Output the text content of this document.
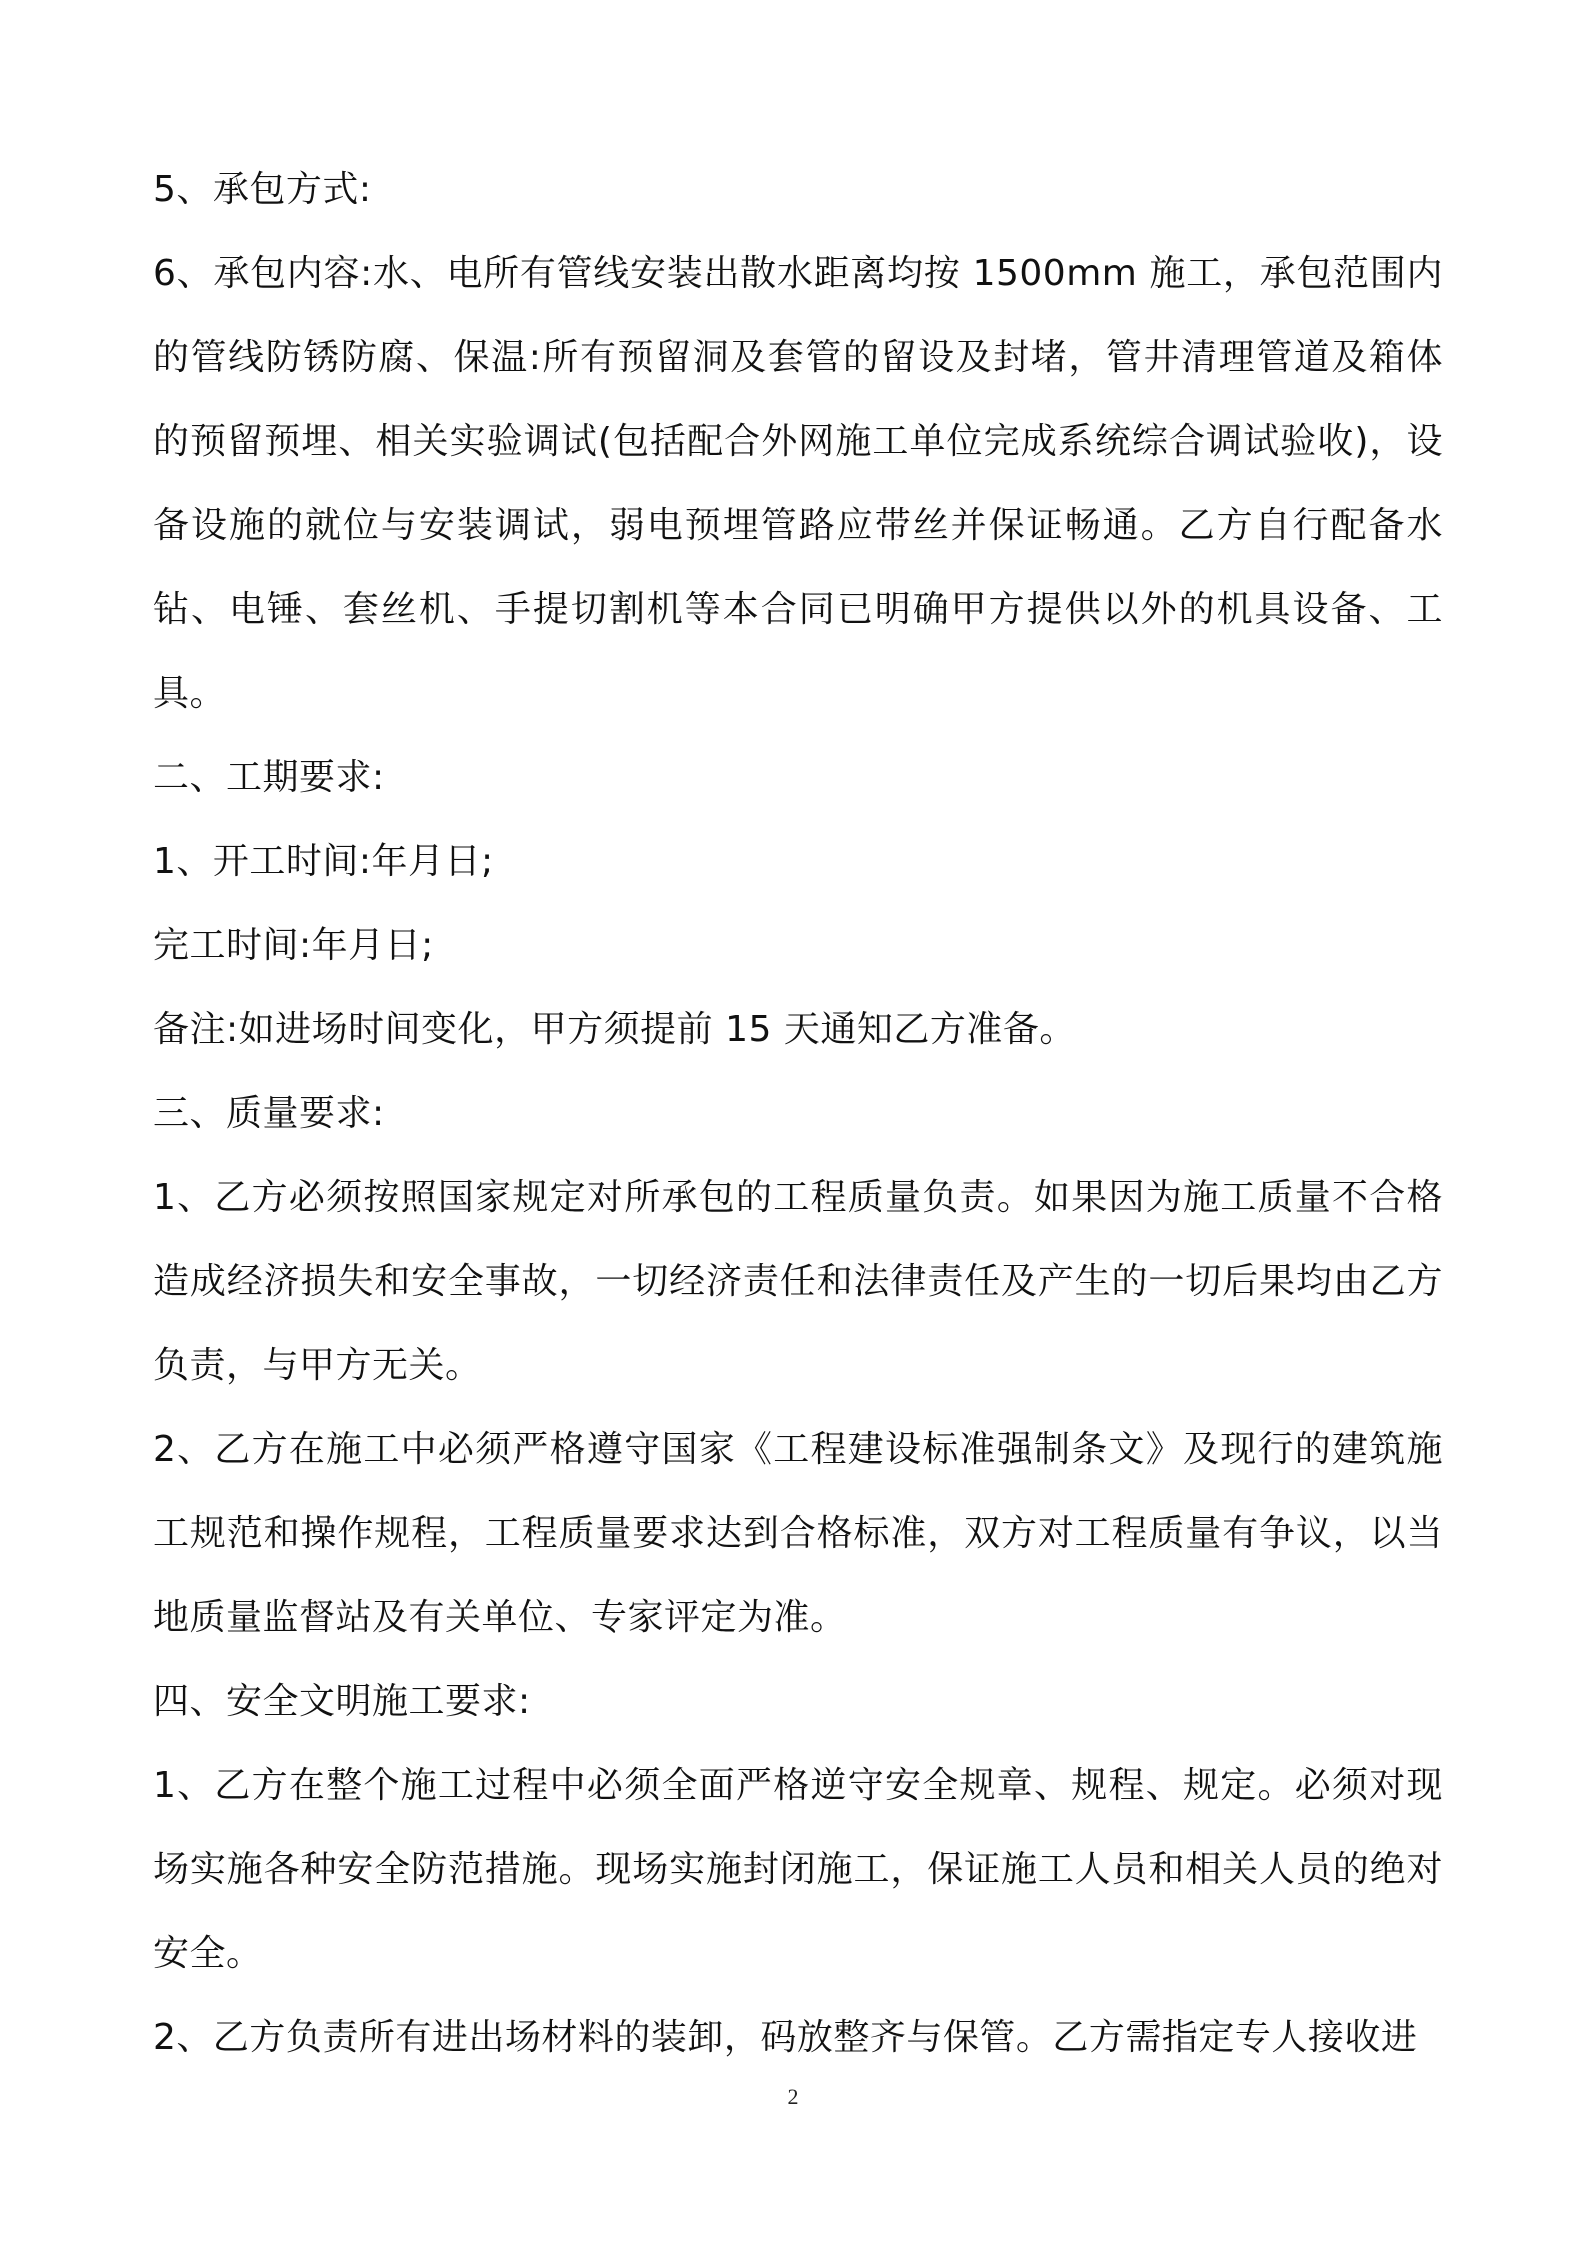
5、承包方式:

6、承包内容:水、电所有管线安装出散水距离均按 1500mm 施工，承包范围内的管线防锈防腐、保温:所有预留洞及套管的留设及封堵，管井清理管道及箱体的预留预埋、相关实验调试(包括配合外网施工单位完成系统综合调试验收)，设备设施的就位与安装调试，弱电预埋管路应带丝并保证畅通。乙方自行配备水钻、电锤、套丝机、手提切割机等本合同已明确甲方提供以外的机具设备、工具。

二、工期要求:

1、开工时间:年月日;

完工时间:年月日;

备注:如进场时间变化，甲方须提前 15 天通知乙方准备。

三、质量要求:

1、乙方必须按照国家规定对所承包的工程质量负责。如果因为施工质量不合格造成经济损失和安全事故，一切经济责任和法律责任及产生的一切后果均由乙方负责，与甲方无关。

2、乙方在施工中必须严格遵守国家《工程建设标准强制条文》及现行的建筑施工规范和操作规程，工程质量要求达到合格标准，双方对工程质量有争议，以当地质量监督站及有关单位、专家评定为准。

四、安全文明施工要求:

1、乙方在整个施工过程中必须全面严格逆守安全规章、规程、规定。必须对现场实施各种安全防范措施。现场实施封闭施工，保证施工人员和相关人员的绝对安全。

2、乙方负责所有进出场材料的装卸，码放整齐与保管。乙方需指定专人接收进

2
